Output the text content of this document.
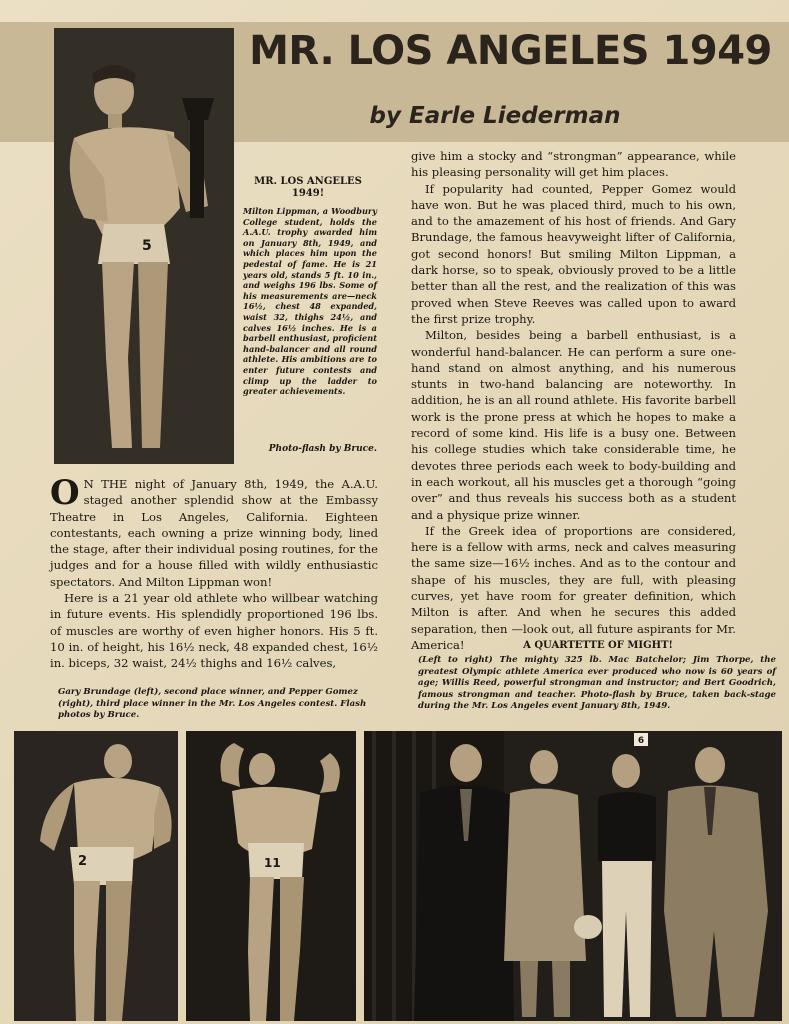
MR. LOS ANGELES 1949
by Earle Liederman
5

MR. LOS ANGELES
1949!

Milton Lippman, a Woodbury College student, holds the A.A.U. trophy awarded him on January 8th, 1949, and which places him upon the pedestal of fame. He is 21 years old, stands 5 ft. 10 in., and weighs 196 lbs. Some of his measurements are—neck 16½, chest 48 expanded, waist 32, thighs 24½, and calves 16½ inches. He is a barbell enthusiast, proficient hand-balancer and all round athlete. His ambitions are to enter future contests and climp up the ladder to greater achievements.

Photo-flash by Bruce.

O N THE night of January 8th, 1949, the A.A.U. staged another splendid show at the Embassy Theatre in Los Angeles, California. Eighteen contestants, each owning a prize winning body, lined the stage, after their individual posing routines, for the judges and for a house filled with wildly enthusiastic spectators. And Milton Lippman won!

Here is a 21 year old athlete who willbear watching in future events. His splendidly proportioned 196 lbs. of muscles are worthy of even higher honors. His 5 ft. 10 in. of height, his 16½ neck, 48 expanded chest, 16½ in. biceps, 32 waist, 24½ thighs and 16½ calves,

Gary Brundage (left), second place winner, and Pepper Gomez (right), third place winner in the Mr. Los Angeles contest. Flash photos by Bruce.

give him a stocky and “strongman” appearance, while his pleasing personality will get him places.

If popularity had counted, Pepper Gomez would have won. But he was placed third, much to his own, and to the amazement of his host of friends. And Gary Brundage, the famous heavyweight lifter of California, got second honors! But smiling Milton Lippman, a dark horse, so to speak, obviously proved to be a little better than all the rest, and the realization of this was proved when Steve Reeves was called upon to award the first prize trophy.

Milton, besides being a barbell enthusiast, is a wonderful hand-balancer. He can perform a sure one-hand stand on almost anything, and his numerous stunts in two-hand balancing are noteworthy. In addition, he is an all round athlete. His favorite barbell work is the prone press at which he hopes to make a record of some kind. His life is a busy one. Between his college studies which take considerable time, he devotes three periods each week to body-building and in each workout, all his muscles get a thorough “going over” and thus reveals his success both as a student and a physique prize winner.

If the Greek idea of proportions are considered, here is a fellow with arms, neck and calves measuring the same size—16½ inches. And as to the contour and shape of his muscles, they are full, with pleasing curves, yet have room for greater definition, which Milton is after. And when he secures this added separation, then —look out, all future aspirants for Mr. America!	A QUARTETTE OF MIGHT!

(Left to right) The mighty 325 lb. Mac Batchelor; Jim Thorpe, the greatest Olympic athlete America ever produced who now is 60 years of age; Willis Reed, powerful strongman and instructor; and Bert Goodrich, famous strongman and teacher. Photo-flash by Bruce, taken back-stage during the Mr. Los Angeles event January 8th, 1949.

2	11
6
